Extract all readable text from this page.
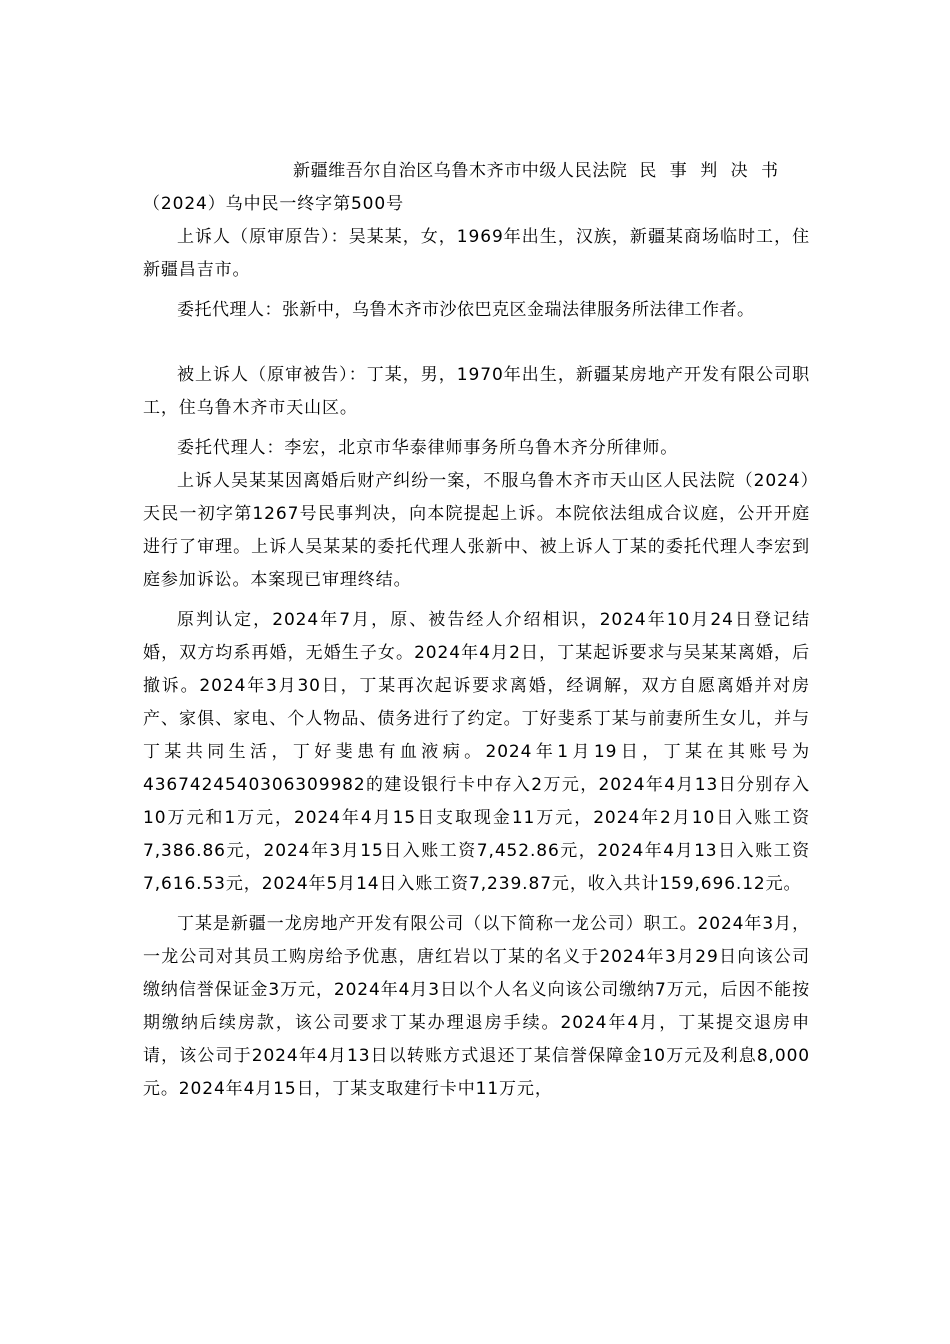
新疆维吾尔自治区乌鲁木齐市中级人民法院 民 事 判 决 书

（2024）乌中民一终字第500号

上诉人（原审原告）：吴某某，女，1969年出生，汉族，新疆某商场临时工，住新疆昌吉市。

委托代理人：张新中，乌鲁木齐市沙依巴克区金瑞法律服务所法律工作者。

被上诉人（原审被告）：丁某，男，1970年出生，新疆某房地产开发有限公司职工，住乌鲁木齐市天山区。

委托代理人：李宏，北京市华泰律师事务所乌鲁木齐分所律师。

上诉人吴某某因离婚后财产纠纷一案，不服乌鲁木齐市天山区人民法院（2024）天民一初字第1267号民事判决，向本院提起上诉。本院依法组成合议庭，公开开庭进行了审理。上诉人吴某某的委托代理人张新中、被上诉人丁某的委托代理人李宏到庭参加诉讼。本案现已审理终结。

原判认定，2024年7月，原、被告经人介绍相识，2024年10月24日登记结婚，双方均系再婚，无婚生子女。2024年4月2日，丁某起诉要求与吴某某离婚，后撤诉。2024年3月30日，丁某再次起诉要求离婚，经调解，双方自愿离婚并对房产、家俱、家电、个人物品、债务进行了约定。丁好斐系丁某与前妻所生女儿，并与丁某共同生活，丁好斐患有血液病。2024年1月19日，丁某在其账号为4367424540306309982的建设银行卡中存入2万元，2024年4月13日分别存入10万元和1万元，2024年4月15日支取现金11万元，2024年2月10日入账工资7,386.86元，2024年3月15日入账工资7,452.86元，2024年4月13日入账工资7,616.53元，2024年5月14日入账工资7,239.87元，收入共计159,696.12元。

丁某是新疆一龙房地产开发有限公司（以下简称一龙公司）职工。2024年3月，一龙公司对其员工购房给予优惠，唐红岩以丁某的名义于2024年3月29日向该公司缴纳信誉保证金3万元，2024年4月3日以个人名义向该公司缴纳7万元，后因不能按期缴纳后续房款，该公司要求丁某办理退房手续。2024年4月，丁某提交退房申请，该公司于2024年4月13日以转账方式退还丁某信誉保障金10万元及利息8,000元。2024年4月15日，丁某支取建行卡中11万元，
